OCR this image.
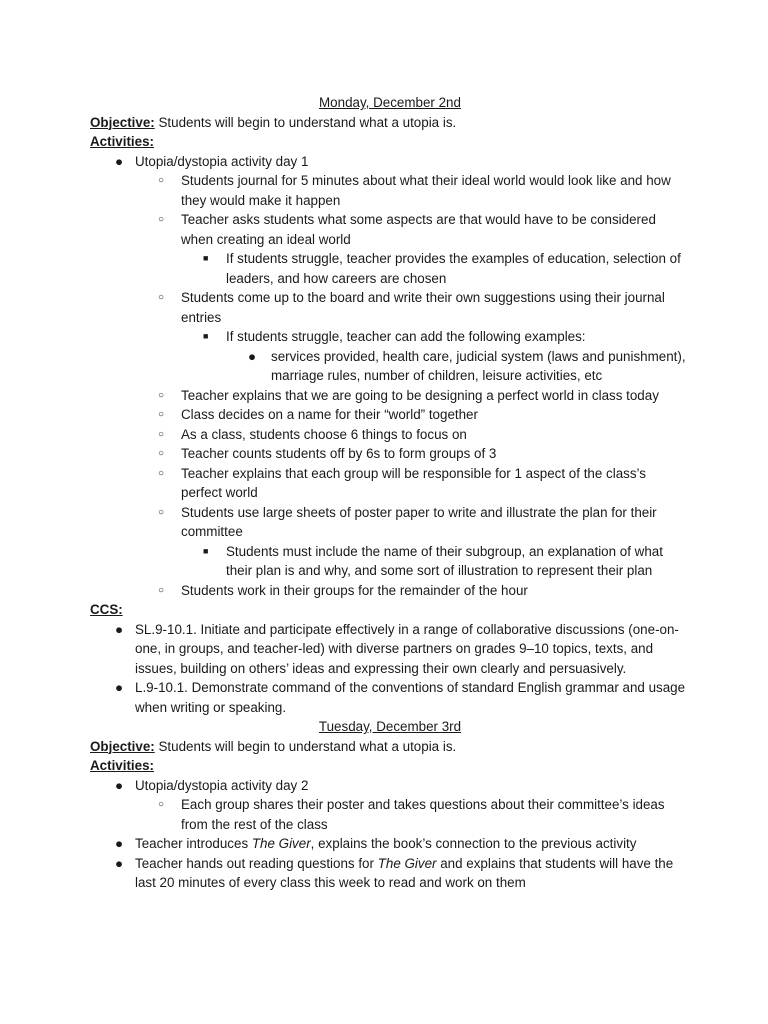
Monday, December 2nd
Objective: Students will begin to understand what a utopia is.
Activities:
● Utopia/dystopia activity day 1
○ Students journal for 5 minutes about what their ideal world would look like and how they would make it happen
○ Teacher asks students what some aspects are that would have to be considered when creating an ideal world
■ If students struggle, teacher provides the examples of education, selection of leaders, and how careers are chosen
○ Students come up to the board and write their own suggestions using their journal entries
■ If students struggle, teacher can add the following examples:
● services provided, health care, judicial system (laws and punishment), marriage rules, number of children, leisure activities, etc
○ Teacher explains that we are going to be designing a perfect world in class today
○ Class decides on a name for their “world” together
○ As a class, students choose 6 things to focus on
○ Teacher counts students off by 6s to form groups of 3
○ Teacher explains that each group will be responsible for 1 aspect of the class’s perfect world
○ Students use large sheets of poster paper to write and illustrate the plan for their committee
■ Students must include the name of their subgroup, an explanation of what their plan is and why, and some sort of illustration to represent their plan
○ Students work in their groups for the remainder of the hour
CCS:
● SL.9-10.1. Initiate and participate effectively in a range of collaborative discussions (one-on-one, in groups, and teacher-led) with diverse partners on grades 9–10 topics, texts, and issues, building on others’ ideas and expressing their own clearly and persuasively.
● L.9-10.1. Demonstrate command of the conventions of standard English grammar and usage when writing or speaking.
Tuesday, December 3rd
Objective: Students will begin to understand what a utopia is.
Activities:
● Utopia/dystopia activity day 2
○ Each group shares their poster and takes questions about their committee’s ideas from the rest of the class
● Teacher introduces The Giver, explains the book’s connection to the previous activity
● Teacher hands out reading questions for The Giver and explains that students will have the last 20 minutes of every class this week to read and work on them
